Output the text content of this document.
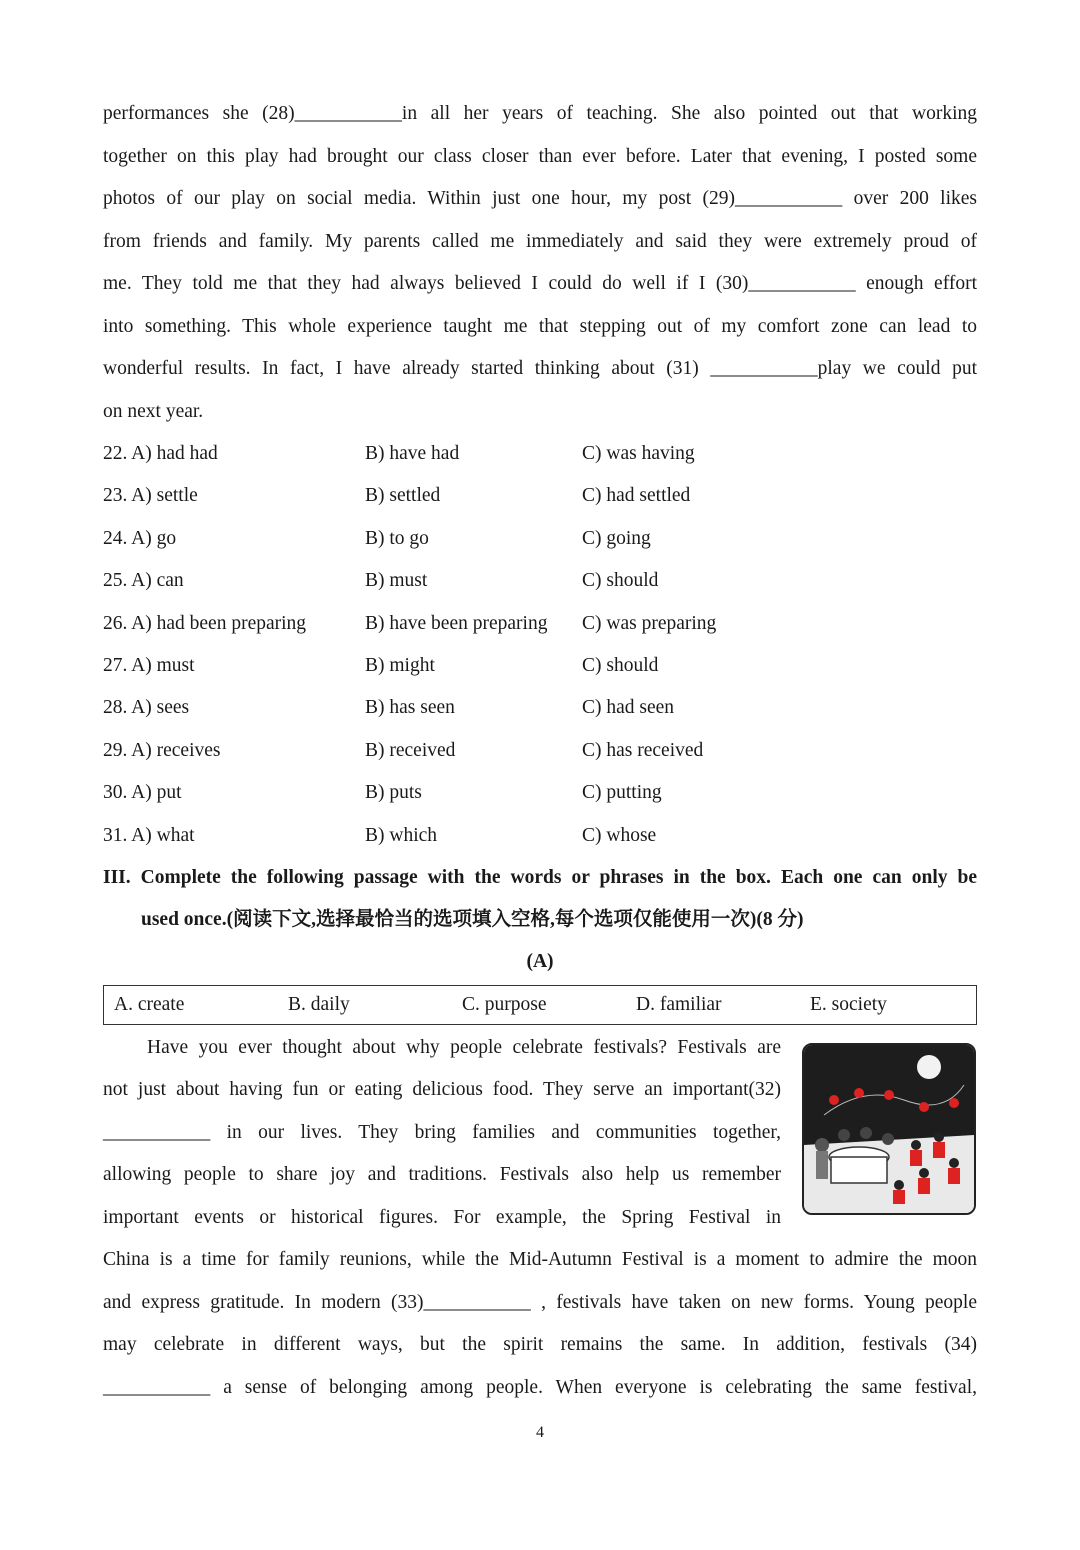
performances she (28)___________in all her years of teaching. She also pointed out that working
together on this play had brought our class closer than ever before. Later that evening, I posted some
photos of our play on social media. Within just one hour, my post (29)___________ over 200 likes
from friends and family. My parents called me immediately and said they were extremely proud of
me. They told me that they had always believed I could do well if I (30)___________ enough effort
into something. This whole experience taught me that stepping out of my comfort zone can lead to
wonderful results. In fact, I have already started thinking about (31) ___________play we could put
on next year.
22. A) had had	B) have had	C) was having
23. A) settle	B) settled	C) had settled
24. A) go	B) to go	C) going
25. A) can	B) must	C) should
26. A) had been preparing	B) have been preparing	C) was preparing
27. A) must	B) might	C) should
28. A) sees	B) has seen	C) had seen
29. A) receives	B) received	C) has received
30. A) put	B) puts	C) putting
31. A) what	B) which	C) whose
III. Complete the following passage with the words or phrases in the box. Each one can only be
used once.(阅读下文,选择最恰当的选项填入空格,每个选项仅能使用一次)(8 分)
(A)
A. create	B. daily	C. purpose	D. familiar	E. society
Have you ever thought about why people celebrate festivals? Festivals are
not just about having fun or eating delicious food. They serve an important(32)
___________ in our lives. They bring families and communities together,
allowing people to share joy and traditions. Festivals also help us remember
important events or historical figures. For example, the Spring Festival in
China is a time for family reunions, while the Mid-Autumn Festival is a moment to admire the moon
and express gratitude. In modern (33)___________ , festivals have taken on new forms. Young people
may celebrate in different ways, but the spirit remains the same. In addition, festivals (34)
___________ a sense of belonging among people. When everyone is celebrating the same festival,
4
